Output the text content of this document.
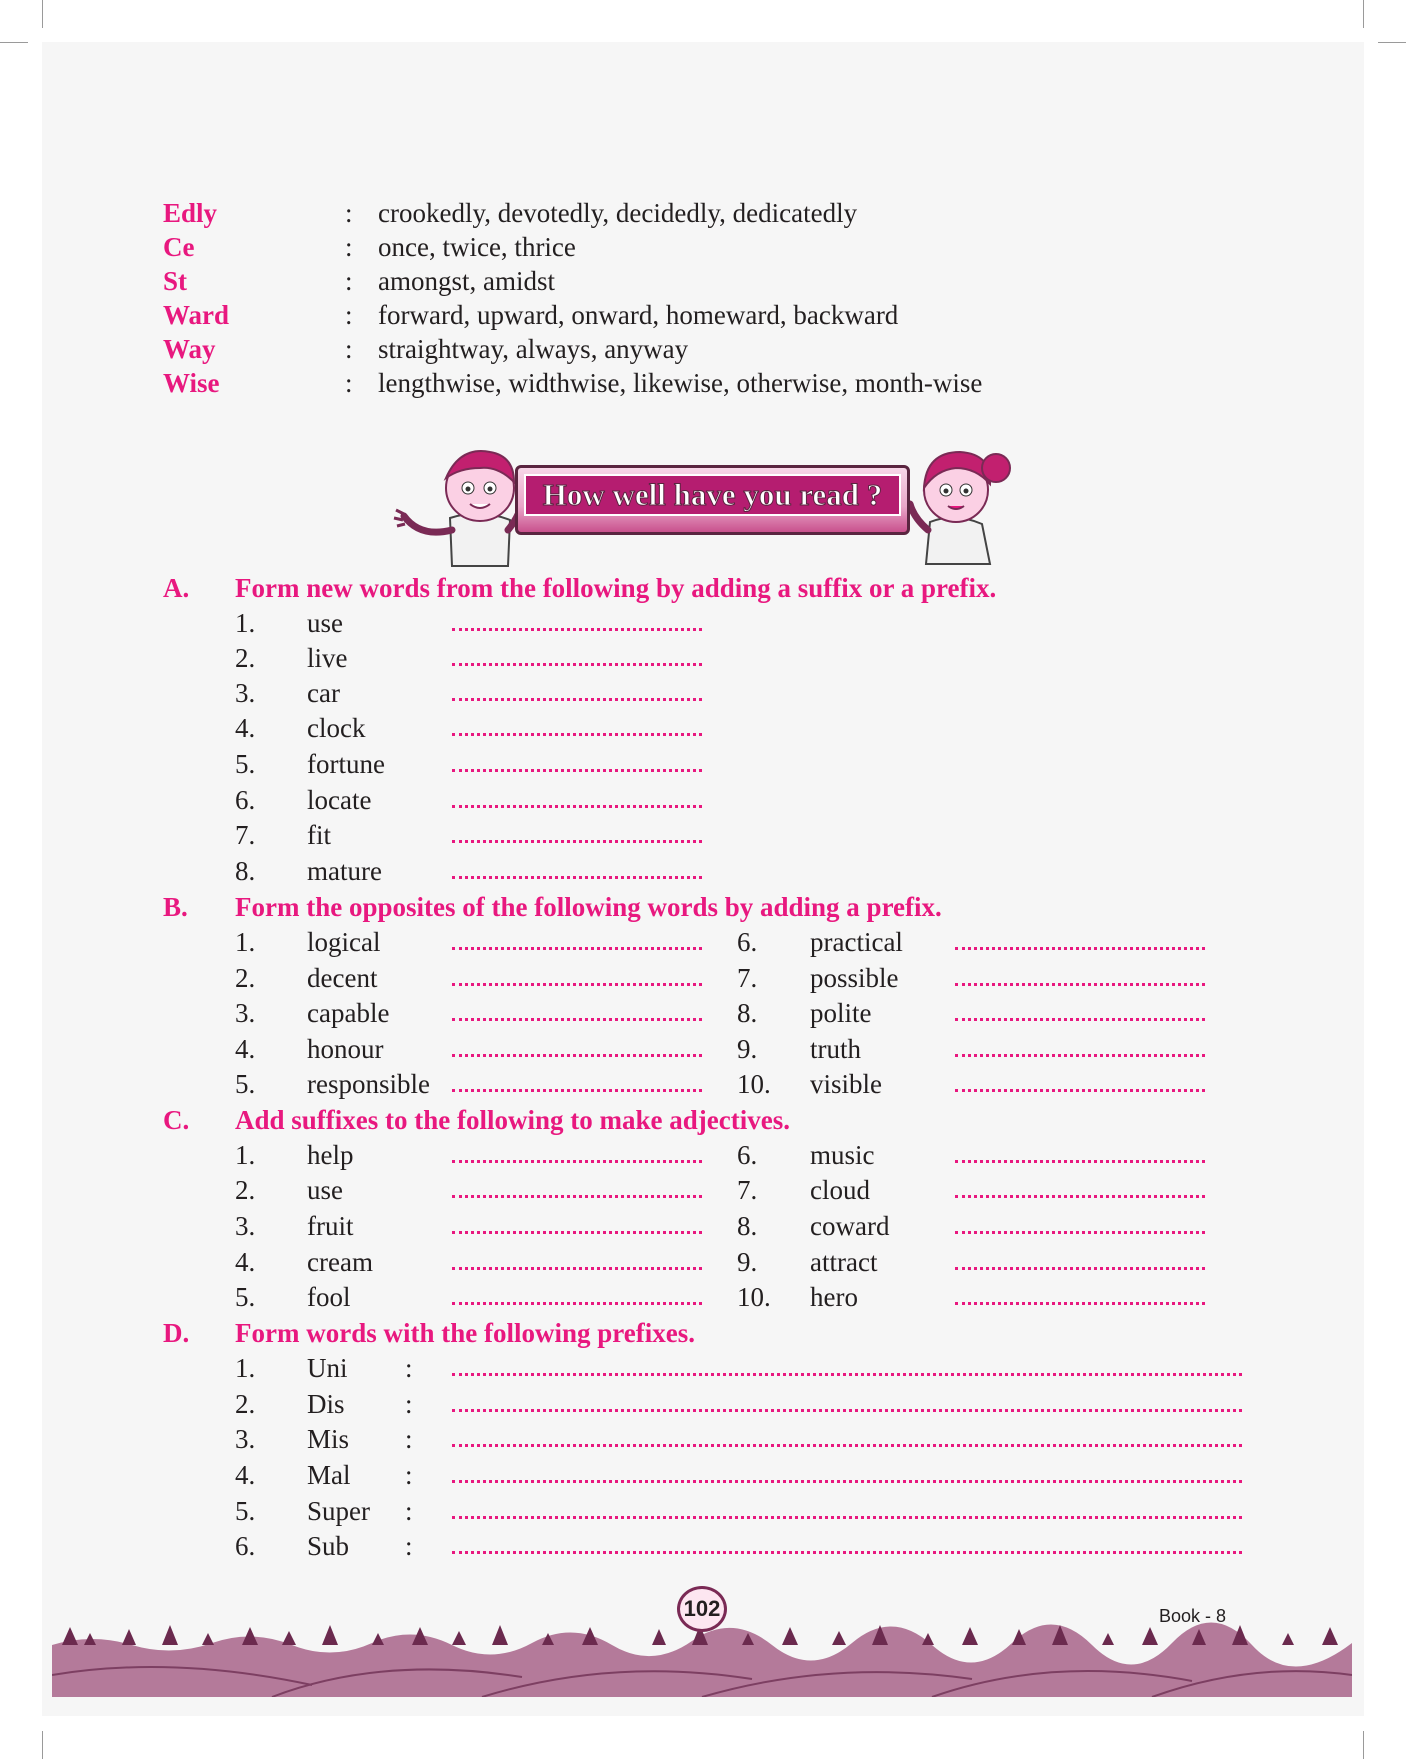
Edly	: crookedly, devotedly, decidedly, dedicatedly
Ce	: once, twice, thrice
St	: amongst, amidst
Ward	: forward, upward, onward, homeward, backward
Way	: straightway, always, anyway
Wise	: lengthwise, widthwise, likewise, otherwise, month-wise
How well have you read ?
A. Form new words from the following by adding a suffix or a prefix.
1. use
2. live
3. car
4. clock
5. fortune
6. locate
7. fit
8. mature
B. Form the opposites of the following words by adding a prefix.
1. logical	6. practical
2. decent	7. possible
3. capable	8. polite
4. honour	9. truth
5. responsible	10. visible
C. Add suffixes to the following to make adjectives.
1. help	6. music
2. use	7. cloud
3. fruit	8. coward
4. cream	9. attract
5. fool	10. hero
D. Form words with the following prefixes.
1. Uni :
2. Dis :
3. Mis :
4. Mal :
5. Super :
6. Sub :
102	Book - 8
